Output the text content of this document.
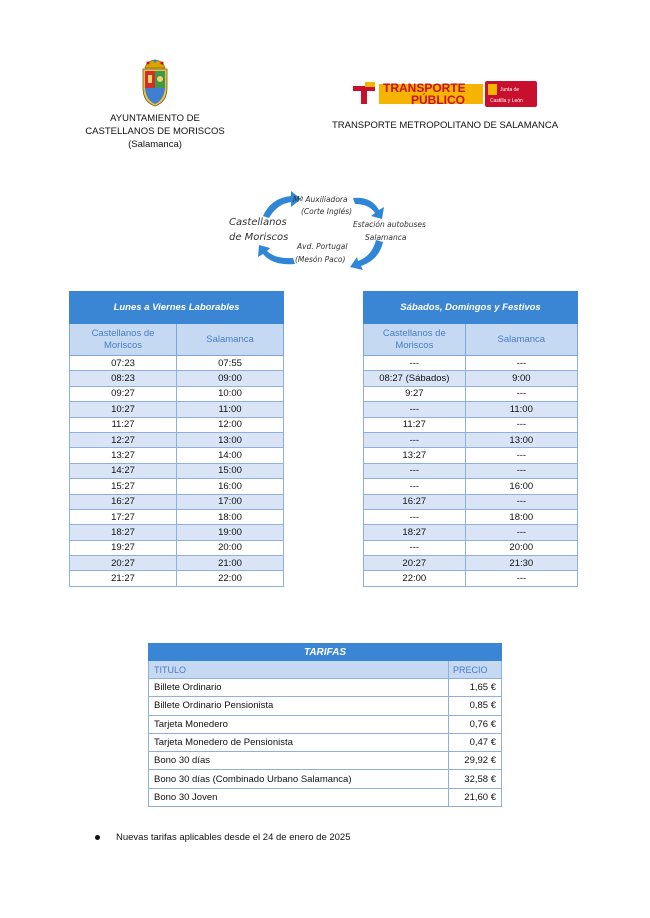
AYUNTAMIENTO DE
CASTELLANOS DE MORISCOS
(Salamanca)
TRANSPORTE
PÚBLICO
Junta de
Castilla y León
TRANSPORTE METROPOLITANO DE SALAMANCA
Castellanos
de Moriscos
Mª Auxiliadora
(Corte Inglés)
Estación autobuses
Salamanca
Avd. Portugal
(Mesón Paco)
Lunes a Viernes Laborables	
Castellanos de Moriscos	Salamanca
07:23	07:55
08:23	09:00
09:27	10:00
10:27	11:00
11:27	12:00
12:27	13:00
13:27	14:00
14:27	15:00
15:27	16:00
16:27	17:00
17:27	18:00
18:27	19:00
19:27	20:00
20:27	21:00
21:27	22:00
Sábados, Domingos y Festivos	
Castellanos de Moriscos	Salamanca
---	---
08:27 (Sábados)	9:00
9:27	---
---	11:00
11:27	---
---	13:00
13:27	---
---	---
---	16:00
16:27	---
---	18:00
18:27	---
---	20:00
20:27	21:30
22:00	---
TARIFAS	
TITULO	PRECIO
Billete Ordinario	1,65 €
Billete Ordinario Pensionista	0,85 €
Tarjeta Monedero	0,76 €
Tarjeta Monedero de Pensionista	0,47 €
Bono 30 días	29,92 €
Bono 30 días (Combinado Urbano Salamanca)	32,58 €
Bono 30 Joven	21,60 €
Nuevas tarifas aplicables desde el 24 de enero de 2025
